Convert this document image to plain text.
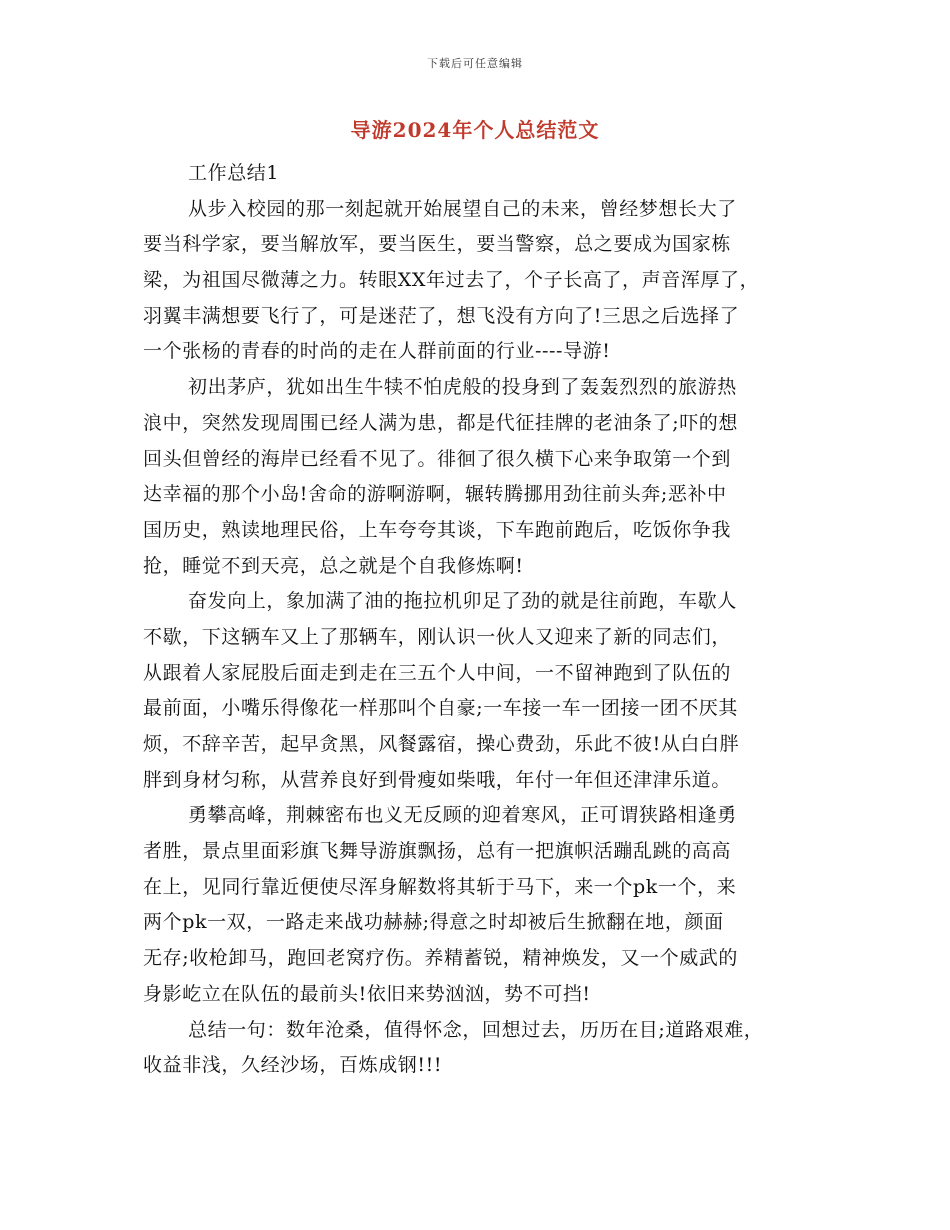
下载后可任意编辑
导游2024年个人总结范文
工作总结1
从步入校园的那一刻起就开始展望自己的未来，曾经梦想长大了
要当科学家，要当解放军，要当医生，要当警察，总之要成为国家栋
梁，为祖国尽微薄之力。转眼XX年过去了，个子长高了，声音浑厚了，
羽翼丰满想要飞行了，可是迷茫了，想飞没有方向了!三思之后选择了
一个张杨的青春的时尚的走在人群前面的行业----导游!
初出茅庐，犹如出生牛犊不怕虎般的投身到了轰轰烈烈的旅游热
浪中，突然发现周围已经人满为患，都是代征挂牌的老油条了;吓的想
回头但曾经的海岸已经看不见了。徘徊了很久横下心来争取第一个到
达幸福的那个小岛!舍命的游啊游啊，辗转腾挪用劲往前头奔;恶补中
国历史，熟读地理民俗，上车夸夸其谈，下车跑前跑后，吃饭你争我
抢，睡觉不到天亮，总之就是个自我修炼啊!
奋发向上，象加满了油的拖拉机卯足了劲的就是往前跑，车歇人
不歇，下这辆车又上了那辆车，刚认识一伙人又迎来了新的同志们，
从跟着人家屁股后面走到走在三五个人中间，一不留神跑到了队伍的
最前面，小嘴乐得像花一样那叫个自豪;一车接一车一团接一团不厌其
烦，不辞辛苦，起早贪黑，风餐露宿，操心费劲，乐此不彼!从白白胖
胖到身材匀称，从营养良好到骨瘦如柴哦，年付一年但还津津乐道。
勇攀高峰，荆棘密布也义无反顾的迎着寒风，正可谓狭路相逢勇
者胜，景点里面彩旗飞舞导游旗飘扬，总有一把旗帜活蹦乱跳的高高
在上，见同行靠近便使尽浑身解数将其斩于马下，来一个pk一个，来
两个pk一双，一路走来战功赫赫;得意之时却被后生掀翻在地，颜面
无存;收枪卸马，跑回老窝疗伤。养精蓄锐，精神焕发，又一个威武的
身影屹立在队伍的最前头!依旧来势汹汹，势不可挡!
总结一句：数年沧桑，值得怀念，回想过去，历历在目;道路艰难，
收益非浅，久经沙场，百炼成钢!!!
